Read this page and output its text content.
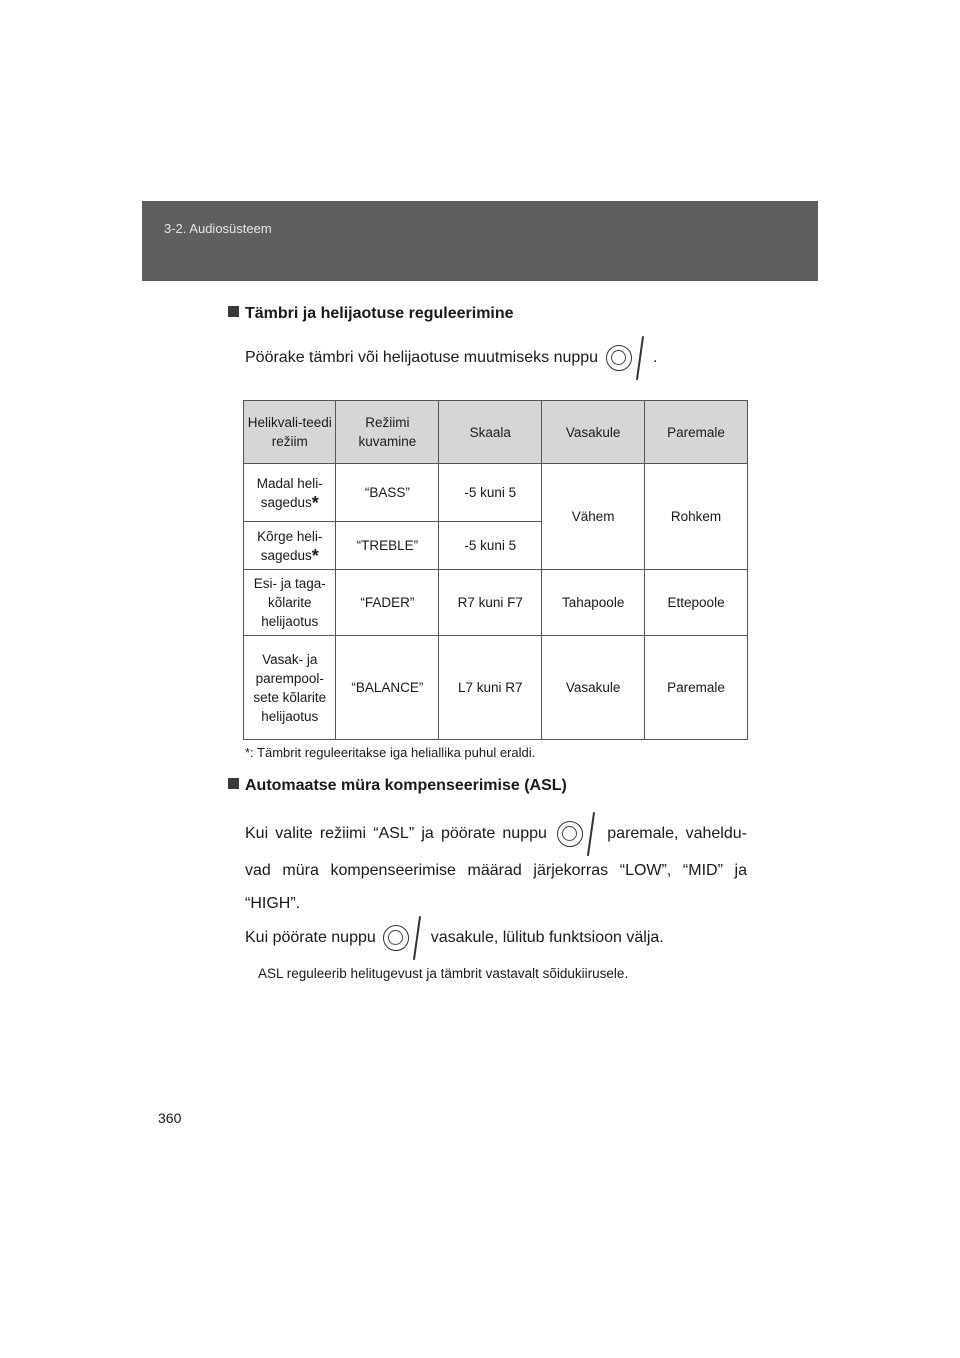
3-2. Audiosüsteem
Tämbri ja helijaotuse reguleerimine
Pöörake tämbri või helijaotuse muutmiseks nuppu	.
Helikvali-teedi režiim	Režiimi kuvamine	Skaala	Vasakule	Paremale
Madal heli-sagedus*	“BASS”	-5 kuni 5	Vähem	Rohkem
Kõrge heli-sagedus*	“TREBLE”	-5 kuni 5		
Esi- ja taga-kõlarite helijaotus	“FADER”	R7 kuni F7	Tahapoole	Ettepoole
Vasak- ja parempool-sete kõlarite helijaotus	“BALANCE”	L7 kuni R7	Vasakule	Paremale
*: Tämbrit reguleeritakse iga heliallika puhul eraldi.
Automaatse müra kompenseerimise (ASL)
Kui valite režiimi “ASL” ja pöörate nuppu	paremale, vaheldu-vad müra kompenseerimise määrad järjekorras “LOW”, “MID” ja “HIGH”.
Kui pöörate nuppu	vasakule, lülitub funktsioon välja.
ASL reguleerib helitugevust ja tämbrit vastavalt sõidukiirusele.
360
